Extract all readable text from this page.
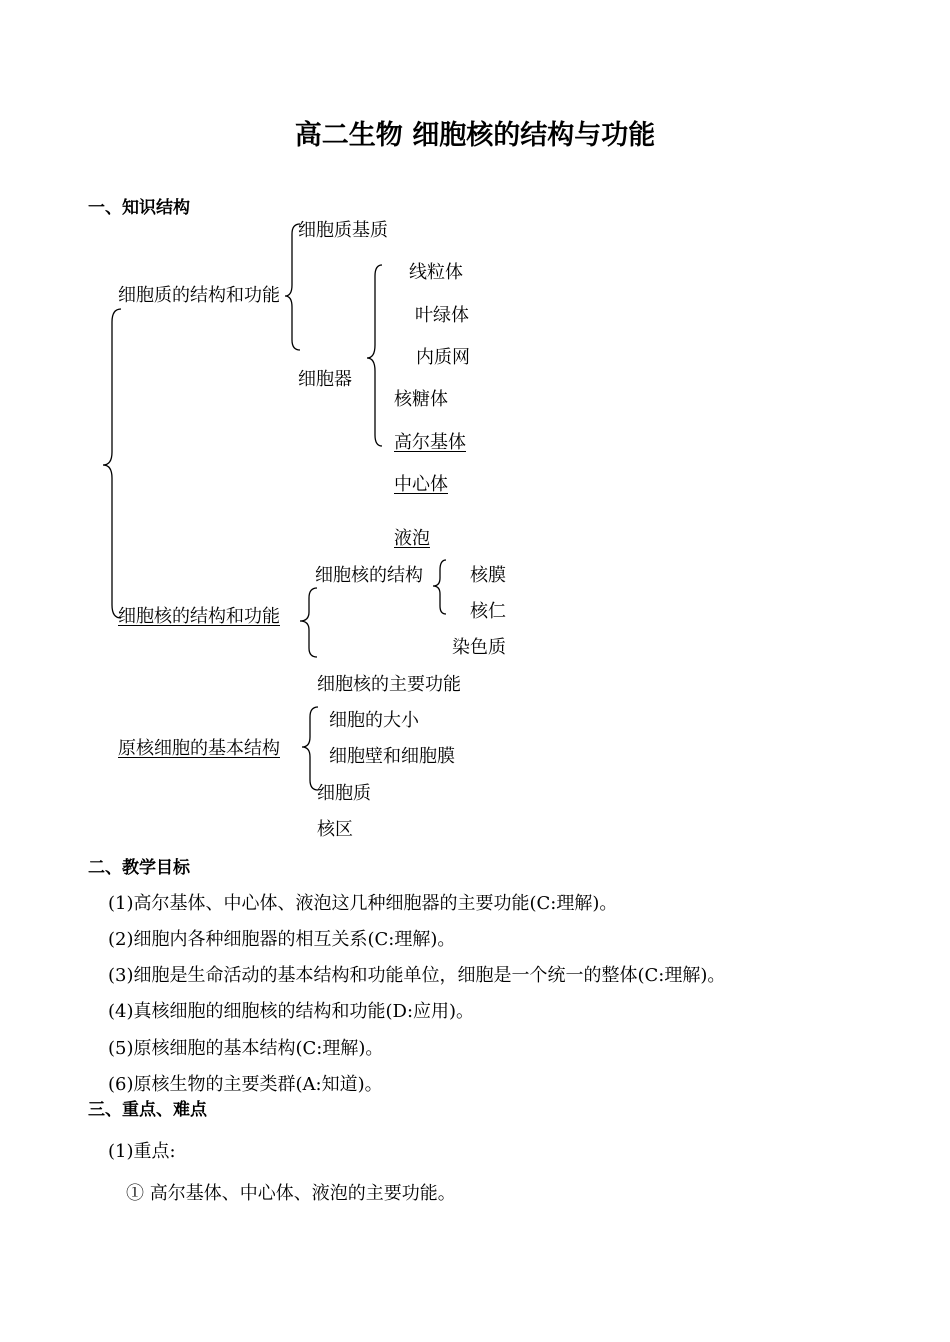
高二生物 细胞核的结构与功能
一、知识结构
细胞质基质
细胞质的结构和功能
细胞器
线粒体
叶绿体
内质网
核糖体
高尔基体
中心体
液泡
细胞核的结构	核膜
核仁
细胞核的结构和功能
染色质
细胞核的主要功能
细胞的大小
原核细胞的基本结构	细胞壁和细胞膜
细胞质
核区
二、教学目标
(1)高尔基体、中心体、液泡这几种细胞器的主要功能(C:理解)。
(2)细胞内各种细胞器的相互关系(C:理解)。
(3)细胞是生命活动的基本结构和功能单位，细胞是一个统一的整体(C:理解)。
(4)真核细胞的细胞核的结构和功能(D:应用)。
(5)原核细胞的基本结构(C:理解)。
(6)原核生物的主要类群(A:知道)。
三、重点、难点
(1)重点:
① 高尔基体、中心体、液泡的主要功能。
